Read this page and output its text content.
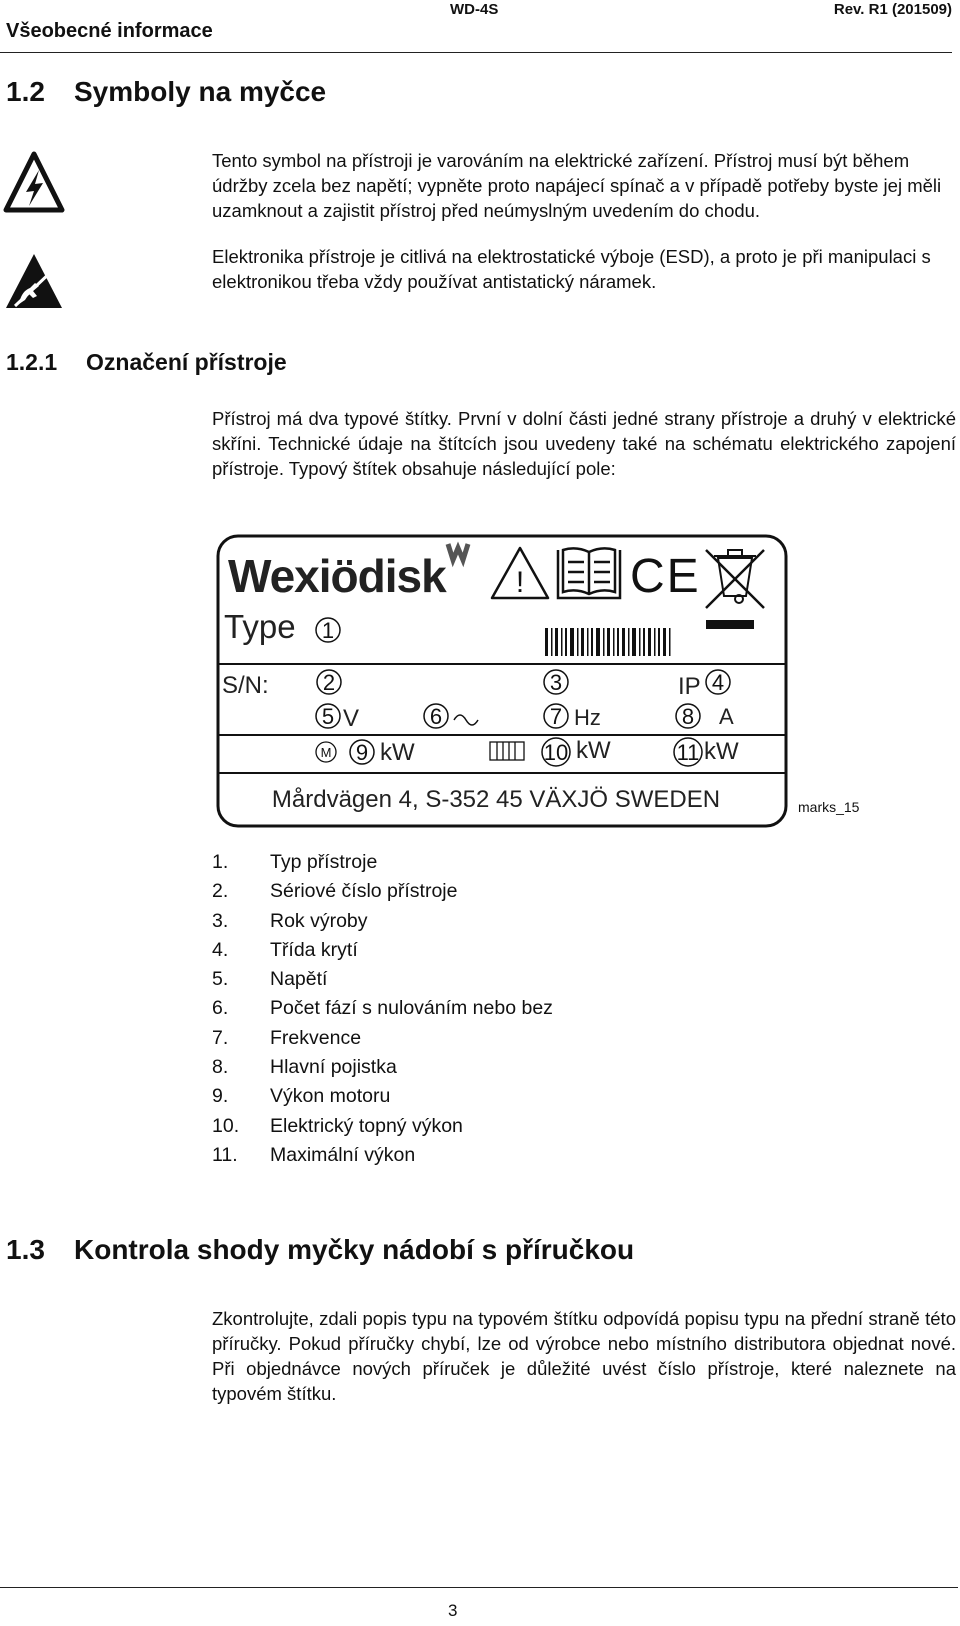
Všeobecné informace
WD-4S	Rev. R1 (201509)
1.2 Symboly na myčce
Tento symbol na přístroji je varováním na elektrické zařízení. Přístroj musí být během údržby zcela bez napětí; vypněte proto napájecí spínač a v případě potřeby byste jej měli uzamknout a zajistit přístroj před neúmyslným uvedením do chodu.
Elektronika přístroje je citlivá na elektrostatické výboje (ESD), a proto je při manipulaci s elektronikou třeba vždy používat antistatický náramek.
1.2.1 Označení přístroje
Přístroj má dva typové štítky. První v dolní části jedné strany přístroje a druhý v elektrické skříni. Technické údaje na štítcích jsou uvedeny také na schématu elektrického zapojení přístroje. Typový štítek obsahuje následující pole:
Wexiödisk ! CE
Type 1
S/N: 2	3	IP 4
5 V	6	7 Hz	8 A
M 9 kW	10 kW	11 kW
Mårdvägen 4, S-352 45 VÄXJÖ SWEDEN	marks_15
1. Typ přístroje
2. Sériové číslo přístroje
3. Rok výroby
4. Třída krytí
5. Napětí
6. Počet fází s nulováním nebo bez
7. Frekvence
8. Hlavní pojistka
9. Výkon motoru
10. Elektrický topný výkon
11. Maximální výkon
1.3 Kontrola shody myčky nádobí s příručkou
Zkontrolujte, zdali popis typu na typovém štítku odpovídá popisu typu na přední straně této příručky. Pokud příručky chybí, lze od výrobce nebo místního distributora objednat nové. Při objednávce nových příruček je důležité uvést číslo přístroje, které naleznete na typovém štítku.
3
